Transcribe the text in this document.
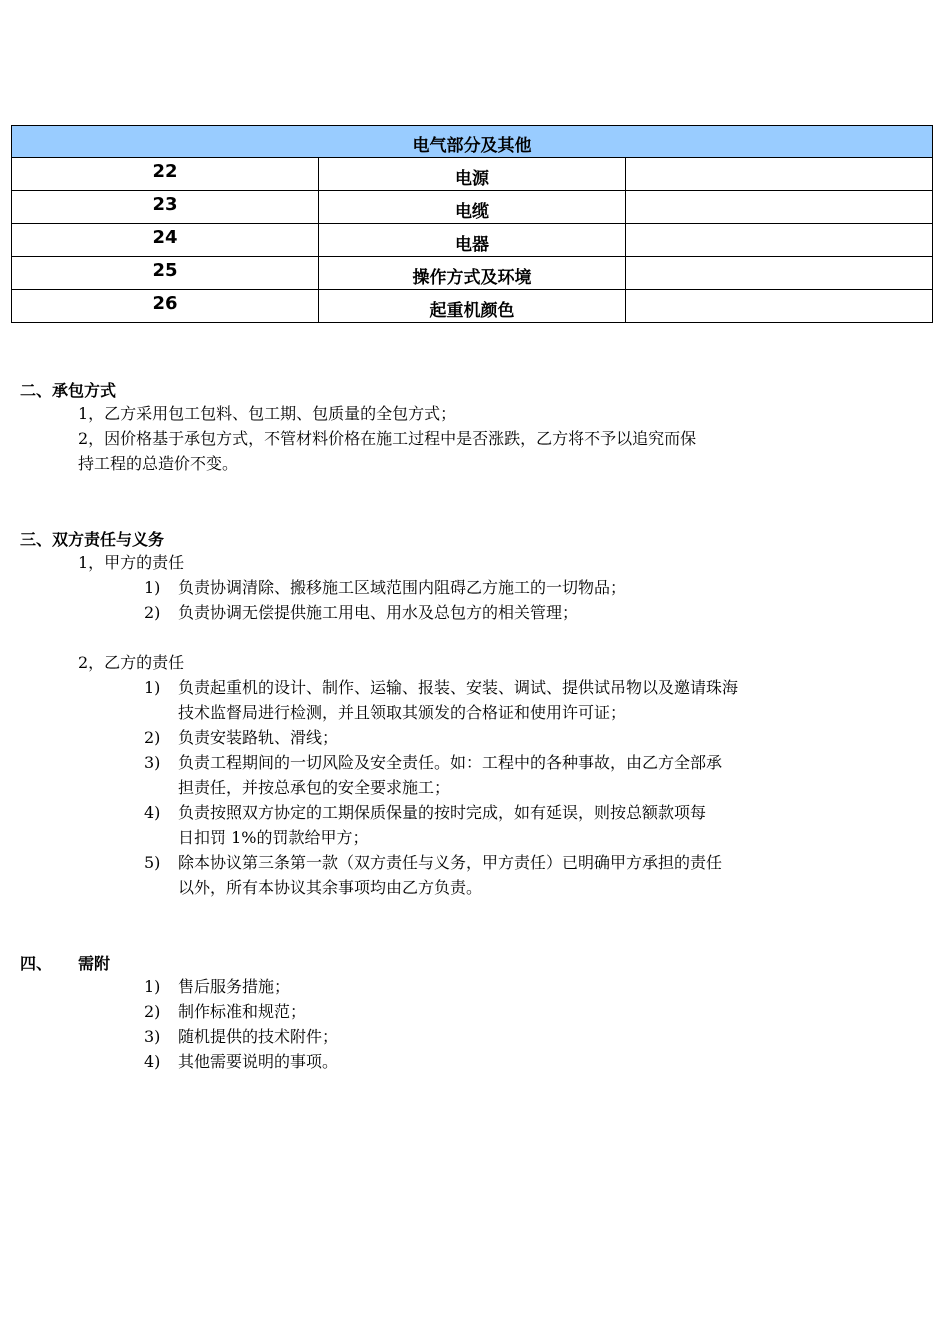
电气部分及其他		
22	电源	
23	电缆	
24	电器	
25	操作方式及环境	
26	起重机颜色	
二、承包方式
1，乙方采用包工包料、包工期、包质量的全包方式；
2，因价格基于承包方式，不管材料价格在施工过程中是否涨跌，乙方将不予以追究而保
持工程的总造价不变。
三、双方责任与义务
1，甲方的责任
1) 负责协调清除、搬移施工区域范围内阻碍乙方施工的一切物品；
2) 负责协调无偿提供施工用电、用水及总包方的相关管理；
2，乙方的责任
1) 负责起重机的设计、制作、运输、报装、安装、调试、提供试吊物以及邀请珠海
技术监督局进行检测，并且领取其颁发的合格证和使用许可证；
2) 负责安装路轨、滑线；
3) 负责工程期间的一切风险及安全责任。如：工程中的各种事故，由乙方全部承
担责任，并按总承包的安全要求施工；
4) 负责按照双方协定的工期保质保量的按时完成，如有延误，则按总额款项每
日扣罚 1%的罚款给甲方；
5) 除本协议第三条第一款（双方责任与义务，甲方责任）已明确甲方承担的责任
以外，所有本协议其余事项均由乙方负责。
四、 需附
1) 售后服务措施；
2) 制作标准和规范；
3) 随机提供的技术附件；
4) 其他需要说明的事项。
